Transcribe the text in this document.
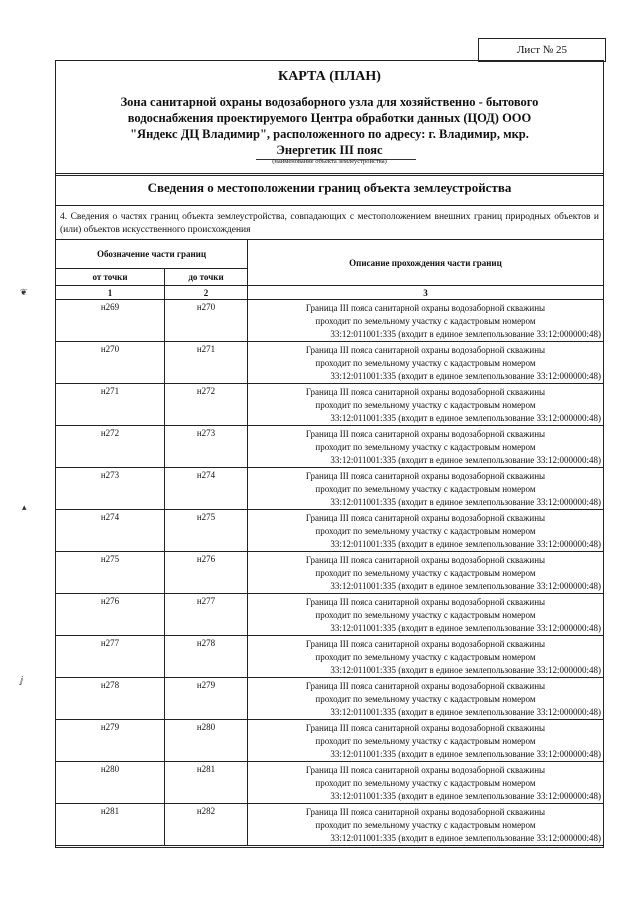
Лист № 25
КАРТА (ПЛАН)
Зона санитарной охраны водозаборного узла для хозяйственно - бытового
водоснабжения проектируемого Центра обработки данных (ЦОД) ООО
"Яндекс ДЦ Владимир", расположенного по адресу: г. Владимир, мкр.
Энергетик III пояс
(наименование объекта землеустройства)
Сведения о местоположении границ объекта землеустройства
4. Сведения о частях границ объекта землеустройства, совпадающих с местоположением внешних границ природных объектов и (или) объектов искусственного происхождения
Обозначение части границ		Описание прохождения части границ
от точки	до точки	
1	2	3
н269	н270	Граница III пояса санитарной охраны водозаборной скважины
проходит по земельному участку с кадастровым номером
33:12:011001:335 (входит в единое землепользование 33:12:000000:48)

н270	н271	Граница III пояса санитарной охраны водозаборной скважины
проходит по земельному участку с кадастровым номером
33:12:011001:335 (входит в единое землепользование 33:12:000000:48)

н271	н272	Граница III пояса санитарной охраны водозаборной скважины
проходит по земельному участку с кадастровым номером
33:12:011001:335 (входит в единое землепользование 33:12:000000:48)

н272	н273	Граница III пояса санитарной охраны водозаборной скважины
проходит по земельному участку с кадастровым номером
33:12:011001:335 (входит в единое землепользование 33:12:000000:48)

н273	н274	Граница III пояса санитарной охраны водозаборной скважины
проходит по земельному участку с кадастровым номером
33:12:011001:335 (входит в единое землепользование 33:12:000000:48)

н274	н275	Граница III пояса санитарной охраны водозаборной скважины
проходит по земельному участку с кадастровым номером
33:12:011001:335 (входит в единое землепользование 33:12:000000:48)

н275	н276	Граница III пояса санитарной охраны водозаборной скважины
проходит по земельному участку с кадастровым номером
33:12:011001:335 (входит в единое землепользование 33:12:000000:48)

н276	н277	Граница III пояса санитарной охраны водозаборной скважины
проходит по земельному участку с кадастровым номером
33:12:011001:335 (входит в единое землепользование 33:12:000000:48)

н277	н278	Граница III пояса санитарной охраны водозаборной скважины
проходит по земельному участку с кадастровым номером
33:12:011001:335 (входит в единое землепользование 33:12:000000:48)

н278	н279	Граница III пояса санитарной охраны водозаборной скважины
проходит по земельному участку с кадастровым номером
33:12:011001:335 (входит в единое землепользование 33:12:000000:48)

н279	н280	Граница III пояса санитарной охраны водозаборной скважины
проходит по земельному участку с кадастровым номером
33:12:011001:335 (входит в единое землепользование 33:12:000000:48)

н280	н281	Граница III пояса санитарной охраны водозаборной скважины
проходит по земельному участку с кадастровым номером
33:12:011001:335 (входит в единое землепользование 33:12:000000:48)

н281	н282	Граница III пояса санитарной охраны водозаборной скважины
проходит по земельному участку с кадастровым номером
33:12:011001:335 (входит в единое землепользование 33:12:000000:48)
❦
▴
ⅉ
